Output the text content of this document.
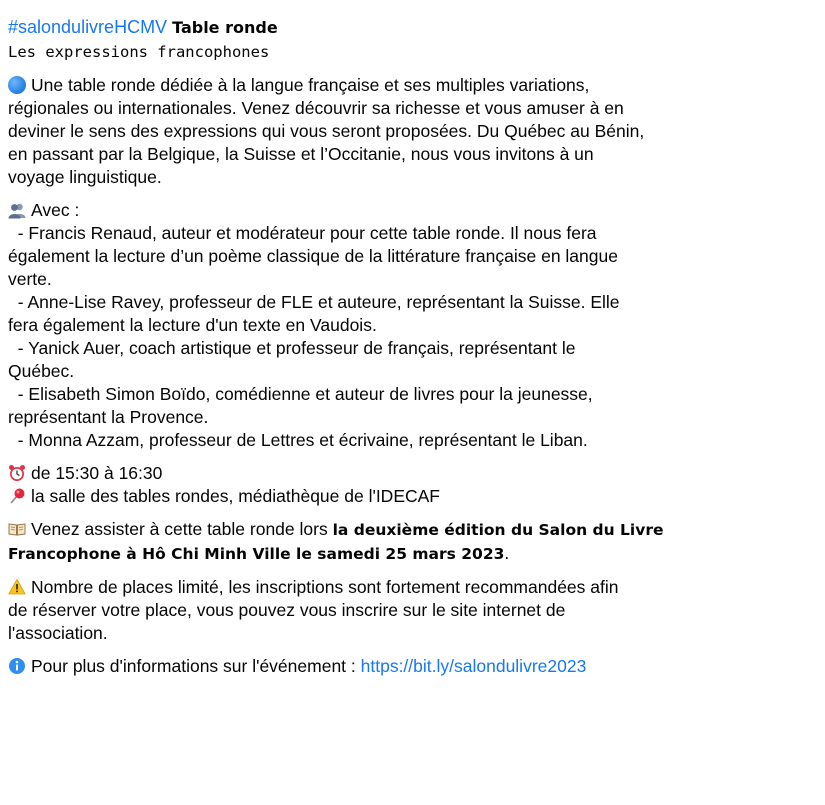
#salondulivreHCMV Table ronde
Les expressions francophones
Une table ronde dédiée à la langue française et ses multiples variations,
régionales ou internationales. Venez découvrir sa richesse et vous amuser à en
deviner le sens des expressions qui vous seront proposées. Du Québec au Bénin,
en passant par la Belgique, la Suisse et l’Occitanie, nous vous invitons à un
voyage linguistique.
Avec :
- Francis Renaud, auteur et modérateur pour cette table ronde. Il nous fera
également la lecture d’un poème classique de la littérature française en langue
verte.
- Anne-Lise Ravey, professeur de FLE et auteure, représentant la Suisse. Elle
fera également la lecture d'un texte en Vaudois.
- Yanick Auer, coach artistique et professeur de français, représentant le
Québec.
- Elisabeth Simon Boïdo, comédienne et auteur de livres pour la jeunesse,
représentant la Provence.
- Monna Azzam, professeur de Lettres et écrivaine, représentant le Liban.
de 15:30 à 16:30
la salle des tables rondes, médiathèque de l'IDECAF
Venez assister à cette table ronde lors la deuxième édition du Salon du Livre
Francophone à Hô Chi Minh Ville le samedi 25 mars 2023.
Nombre de places limité, les inscriptions sont fortement recommandées afin
de réserver votre place, vous pouvez vous inscrire sur le site internet de
l'association.
Pour plus d'informations sur l'événement : https://bit.ly/salondulivre2023
